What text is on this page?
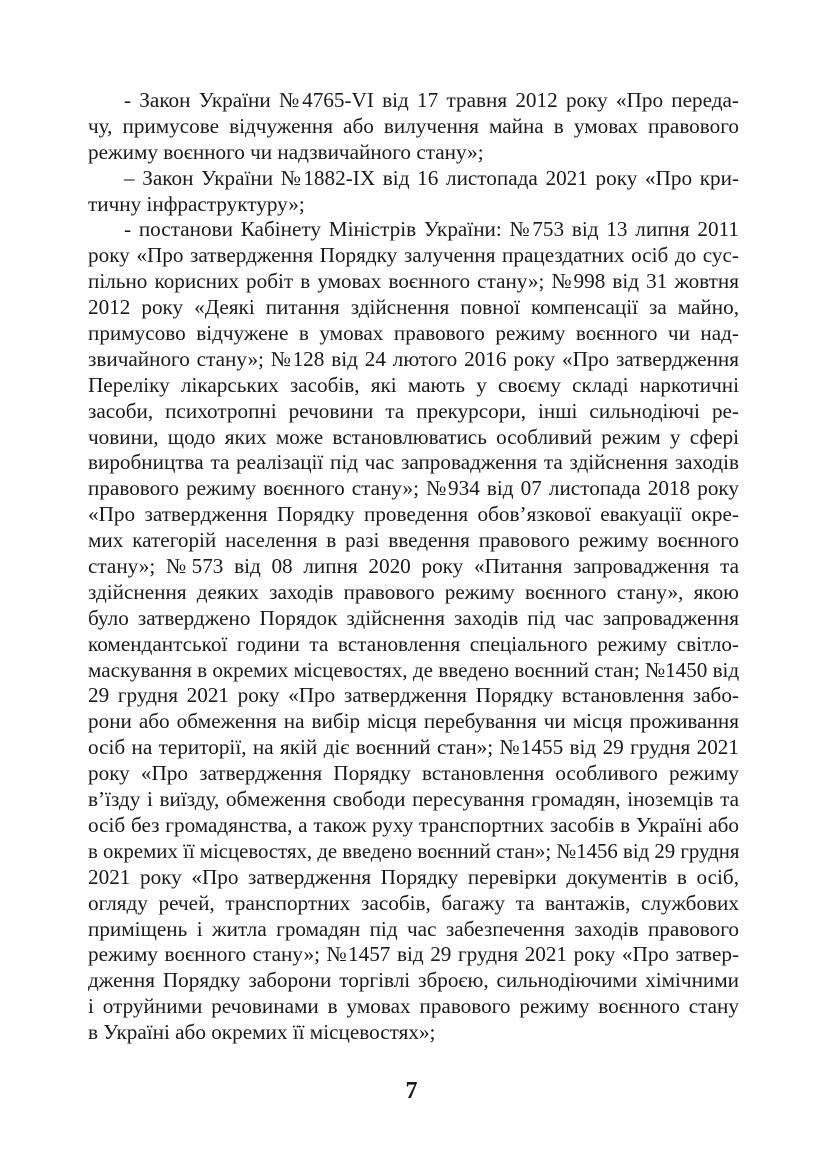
- Закон України №4765-VI від 17 травня 2012 року «Про переда-
чу, примусове відчуження або вилучення майна в умовах правового
режиму воєнного чи надзвичайного стану»;
– Закон України №1882-IX від 16 листопада 2021 року «Про кри-
тичну інфраструктуру»;
- постанови Кабінету Міністрів України: №753 від 13 липня 2011
року «Про затвердження Порядку залучення працездатних осіб до сус-
пільно корисних робіт в умовах воєнного стану»; №998 від 31 жовтня
2012 року «Деякі питання здійснення повної компенсації за майно,
примусово відчужене в умовах правового режиму воєнного чи над-
звичайного стану»; №128 від 24 лютого 2016 року «Про затвердження
Переліку лікарських засобів, які мають у своєму складі наркотичні
засоби, психотропні речовини та прекурсори, інші сильнодіючі ре-
човини, щодо яких може встановлюватись особливий режим у сфері
виробництва та реалізації під час запровадження та здійснення заходів
правового режиму воєнного стану»; №934 від 07 листопада 2018 року
«Про затвердження Порядку проведення обов’язкової евакуації окре-
мих категорій населення в разі введення правового режиму воєнного
стану»; №573 від 08 липня 2020 року «Питання запровадження та
здійснення деяких заходів правового режиму воєнного стану», якою
було затверджено Порядок здійснення заходів під час запровадження
комендантської години та встановлення спеціального режиму світло-
маскування в окремих місцевостях, де введено воєнний стан; №1450 від
29 грудня 2021 року «Про затвердження Порядку встановлення забо-
рони або обмеження на вибір місця перебування чи місця проживання
осіб на території, на якій діє воєнний стан»; №1455 від 29 грудня 2021
року «Про затвердження Порядку встановлення особливого режиму
в’їзду і виїзду, обмеження свободи пересування громадян, іноземців та
осіб без громадянства, а також руху транспортних засобів в Україні або
в окремих її місцевостях, де введено воєнний стан»; №1456 від 29 грудня
2021 року «Про затвердження Порядку перевірки документів в осіб,
огляду речей, транспортних засобів, багажу та вантажів, службових
приміщень і житла громадян під час забезпечення заходів правового
режиму воєнного стану»; №1457 від 29 грудня 2021 року «Про затвер-
дження Порядку заборони торгівлі зброєю, сильнодіючими хімічними
і отруйними речовинами в умовах правового режиму воєнного стану
в Україні або окремих її місцевостях»;
7
